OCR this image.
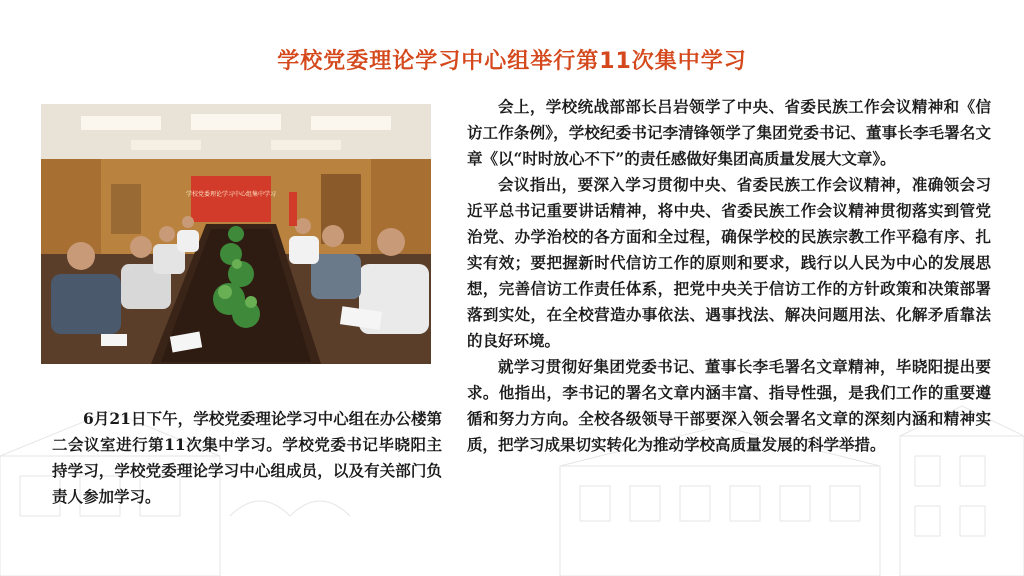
学校党委理论学习中心组举行第11次集中学习
学校党委理论学习中心组集中学习
6月21日下午，学校党委理论学习中心组在办公楼第二会议室进行第11次集中学习。学校党委书记毕晓阳主持学习，学校党委理论学习中心组成员，以及有关部门负责人参加学习。

会上，学校统战部部长吕岩领学了中央、省委民族工作会议精神和《信访工作条例》，学校纪委书记李清锋领学了集团党委书记、董事长李毛署名文章《以“时时放心不下”的责任感做好集团高质量发展大文章》。

会议指出，要深入学习贯彻中央、省委民族工作会议精神，准确领会习近平总书记重要讲话精神，将中央、省委民族工作会议精神贯彻落实到管党治党、办学治校的各方面和全过程，确保学校的民族宗教工作平稳有序、扎实有效；要把握新时代信访工作的原则和要求，践行以人民为中心的发展思想，完善信访工作责任体系，把党中央关于信访工作的方针政策和决策部署落到实处，在全校营造办事依法、遇事找法、解决问题用法、化解矛盾靠法的良好环境。

就学习贯彻好集团党委书记、董事长李毛署名文章精神，毕晓阳提出要求。他指出，李书记的署名文章内涵丰富、指导性强，是我们工作的重要遵循和努力方向。全校各级领导干部要深入领会署名文章的深刻内涵和精神实质，把学习成果切实转化为推动学校高质量发展的科学举措。
